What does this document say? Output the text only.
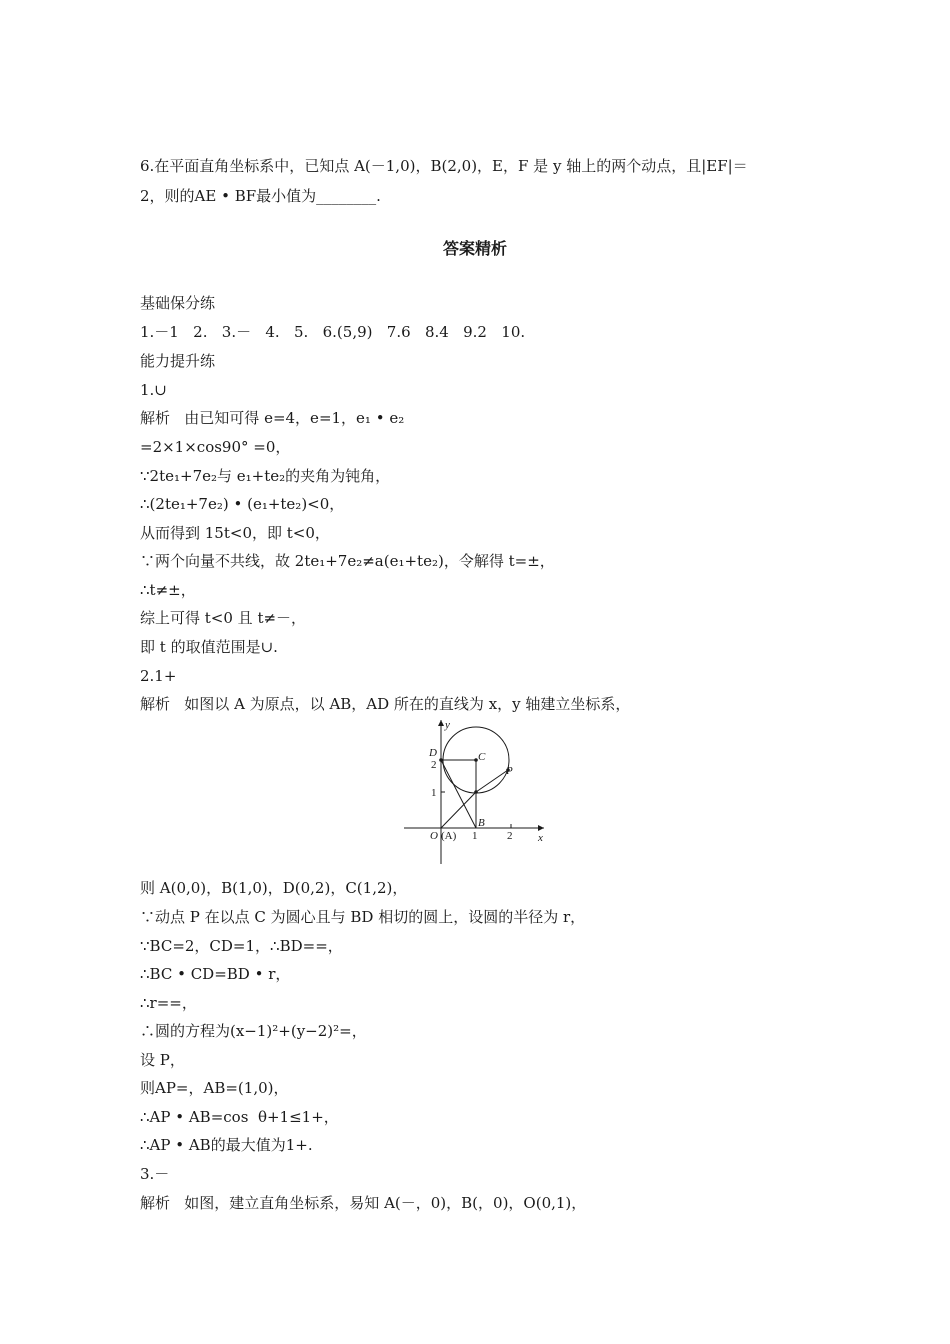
6.在平面直角坐标系中，已知点 A(－1,0)，B(2,0)，E，F 是 y 轴上的两个动点，且|EF|＝
2，则的AE • BF最小值为________.
答案精析
基础保分练
1.－1   2.   3.－   4.   5.   6.(5,9)   7.6   8.4   9.2   10.
能力提升练
1.∪
解析   由已知可得 e=4，e=1，e₁ • e₂
=2×1×cos90° =0，
∵2te₁+7e₂与 e₁+te₂的夹角为钝角，
∴(2te₁+7e₂) • (e₁+te₂)<0，
从而得到 15t<0，即 t<0，
∵两个向量不共线，故 2te₁+7e₂≠a(e₁+te₂)，令解得 t=±，
∴t≠±，
综上可得 t<0 且 t≠－，
即 t 的取值范围是∪.
2.1+
解析   如图以 A 为原点，以 AB，AD 所在的直线为 x，y 轴建立坐标系，
y
x
D
2
1
C
P
B
O (A) 1	2
则 A(0,0)，B(1,0)，D(0,2)，C(1,2)，
∵动点 P 在以点 C 为圆心且与 BD 相切的圆上，设圆的半径为 r，
∵BC=2，CD=1，∴BD==，
∴BC • CD=BD • r，
∴r==，
∴圆的方程为(x−1)²+(y−2)²=，
设 P，
则AP=，AB=(1,0)，
∴AP • AB=cos  θ+1≤1+，
∴AP • AB的最大值为1+.
3.－
解析   如图，建立直角坐标系，易知 A(－，0)，B(，0)，O(0,1)，
